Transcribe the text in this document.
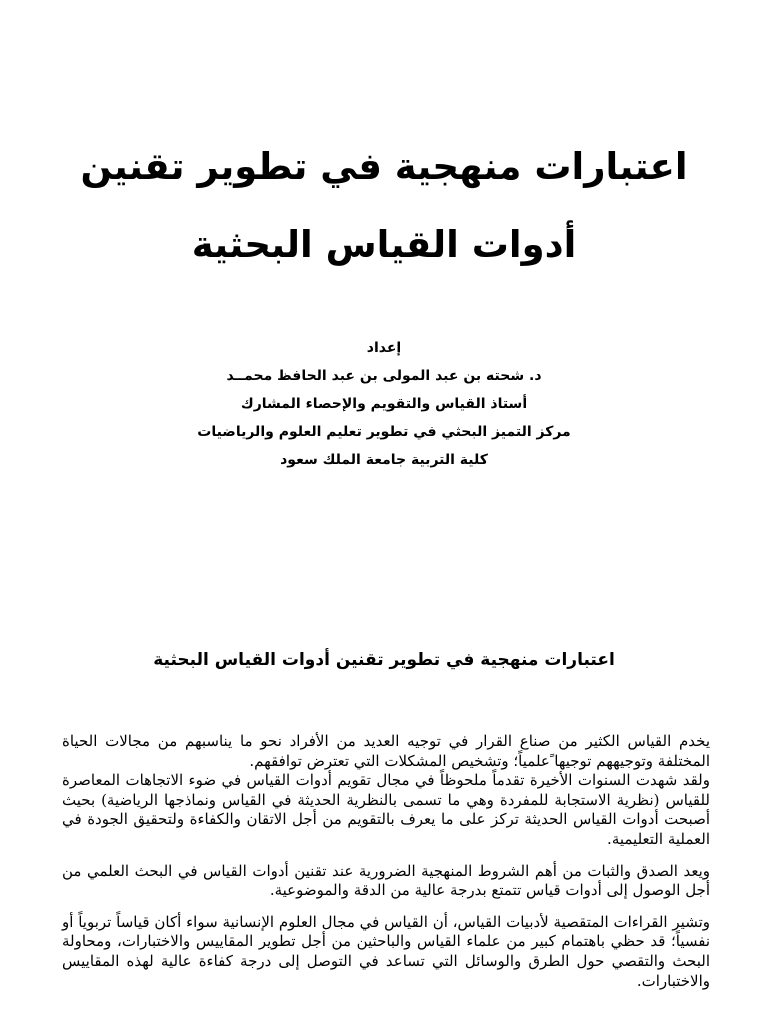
اعتبارات منهجية في تطوير تقنين
أدوات القياس البحثية
إعداد
د. شحته بن عبد المولى بن عبد الحافظ محمــد
أستاذ القياس والتقويم والإحصاء المشارك
مركز التميز البحثي في تطوير تعليم العلوم والرياضيات
كلية التربية جامعة الملك سعود
اعتبارات منهجية في تطوير تقنين أدوات القياس البحثية

يخدم القياس الكثير من صناع القرار في توجيه العديد من الأفراد نحو ما يناسبهم من مجالات الحياة المختلفة وتوجيههم توجيها ًعلمياً؛ وتشخيص المشكلات التي تعترض توافقهم.

ولقد شهدت السنوات الأخيرة تقدماً ملحوظاً في مجال تقويم أدوات القياس في ضوء الاتجاهات المعاصرة للقياس (نظرية الاستجابة للمفردة وهي ما تسمى بالنظرية الحديثة في القياس ونماذجها الرياضية) بحيث أصبحت أدوات القياس الحديثة تركز على ما يعرف بالتقويم من أجل الاتقان والكفاءة ولتحقيق الجودة في العملية التعليمية.

ويعد الصدق والثبات من أهم الشروط المنهجية الضرورية عند تقنين أدوات القياس في البحث العلمي من أجل الوصول إلى أدوات قياس تتمتع بدرجة عالية من الدقة والموضوعية.

وتشير القراءات المتقصية لأدبيات القياس، أن القياس في مجال العلوم الإنسانية سواء أكان قياساً تربوياً أو نفسياً؛ قد حظي باهتمام كبير من علماء القياس والباحثين من أجل تطوير المقاييس والاختبارات، ومحاولة البحث والتقصي حول الطرق والوسائل التي تساعد في التوصل إلى درجة كفاءة عالية لهذه المقاييس والاختبارات.
